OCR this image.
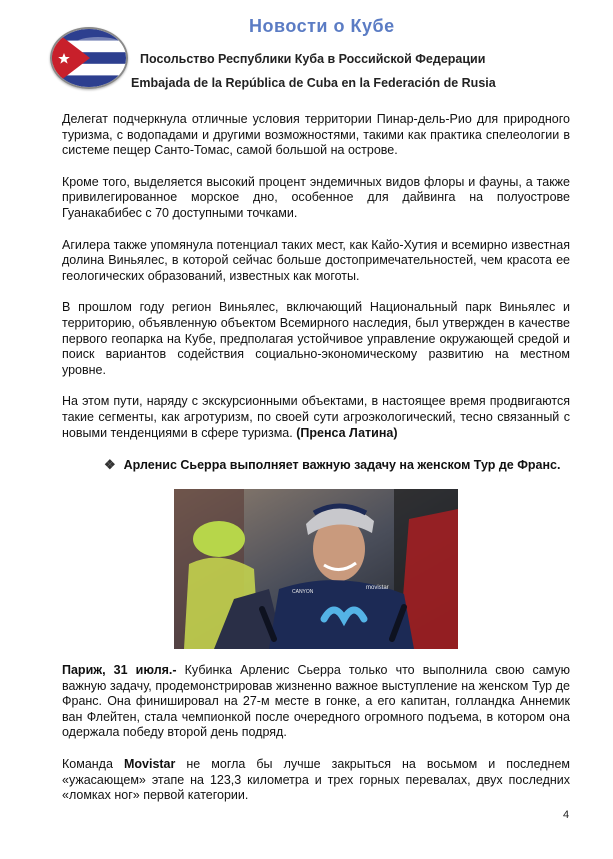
Новости о Кубе
Посольство Республики Куба в Российской Федерации
Embajada de la República de Cuba en la Federación de Rusia

Делегат подчеркнула отличные условия территории Пинар-дель-Рио для природного туризма, с водопадами и другими возможностями, такими как практика спелеологии в системе пещер Санто-Томас, самой большой на острове.

Кроме того, выделяется высокий процент эндемичных видов флоры и фауны, а также привилегированное морское дно, особенное для дайвинга на полуострове Гуанакабибес с 70 доступными точками.

Агилера также упомянула потенциал таких мест, как Кайо-Хутия и всемирно известная долина Виньялес, в которой сейчас больше достопримечательностей, чем красота ее геологических образований, известных как моготы.

В прошлом году регион Виньялес, включающий Национальный парк Виньялес и территорию, объявленную объектом Всемирного наследия, был утвержден в качестве первого геопарка на Кубе, предполагая устойчивое управление окружающей средой и поиск вариантов содействия социально-экономическому развитию на местном уровне.

На этом пути, наряду с экскурсионными объектами, в настоящее время продвигаются такие сегменты, как агротуризм, по своей сути агроэкологический, тесно связанный с новыми тенденциями в сфере туризма. (Пренса Латина)

❖ Арленис Сьерра выполняет важную задачу на женском Тур де Франс.
movistar
CANYON

Париж, 31 июля.- Кубинка Арленис Сьерра только что выполнила свою самую важную задачу, продемонстрировав жизненно важное выступление на женском Тур де Франс. Она финишировал на 27-м месте в гонке, а его капитан, голландка Аннемик ван Флейтен, стала чемпионкой после очередного огромного подъема, в котором она одержала победу второй день подряд.

Команда Movistar не могла бы лучше закрыться на восьмом и последнем «ужасающем» этапе на 123,3 километра и трех горных перевалах, двух последних «ломках ног» первой категории.

4
